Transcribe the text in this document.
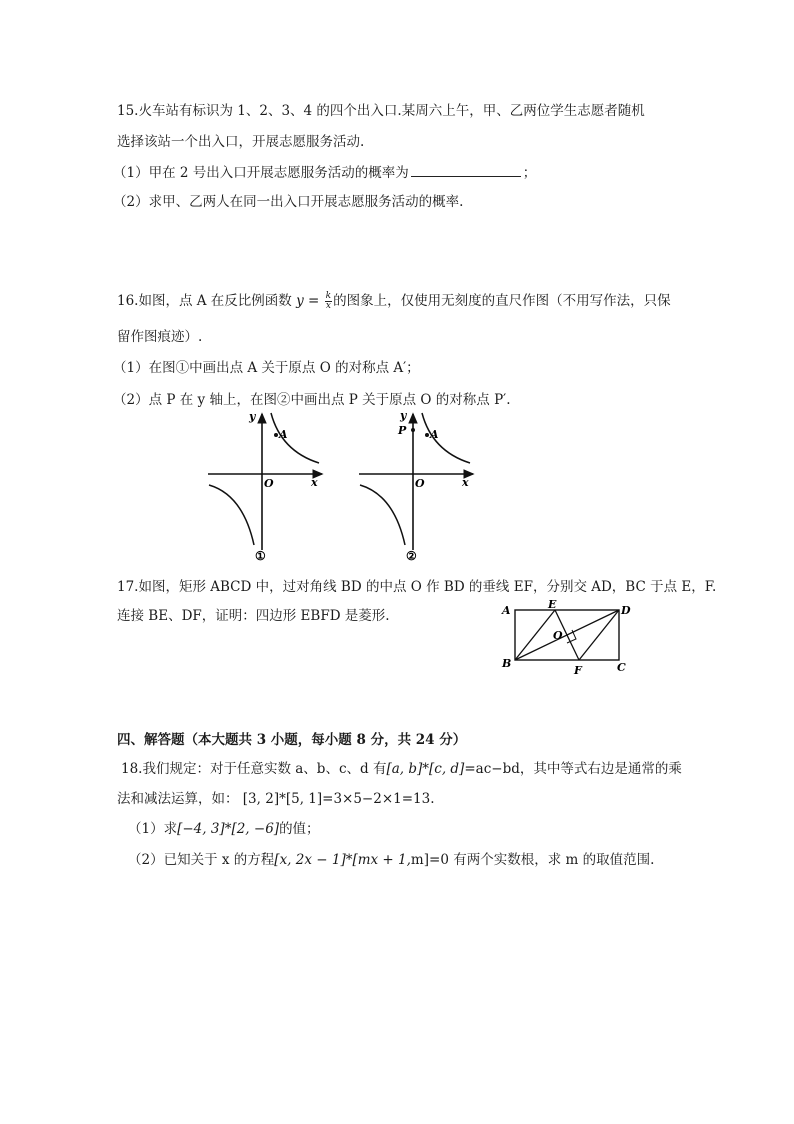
15.火车站有标识为 1、2、3、4 的四个出入口.某周六上午，甲、乙两位学生志愿者随机
选择该站一个出入口，开展志愿服务活动.
（1）甲在 2 号出入口开展志愿服务活动的概率为	；
（2）求甲、乙两人在同一出入口开展志愿服务活动的概率.
16.如图，点 A 在反比例函数 $y = \frac{k}{x}$ 的图象上，仅使用无刻度的直尺作图（不用写作法，只保
留作图痕迹）.
（1）在图①中画出点 A 关于原点 O 的对称点 A′；
（2）点 P 在 y 轴上，在图②中画出点 P 关于原点 O 的对称点 P′.
A
y
x
O
①
A
P
y
x
O
②
17.如图，矩形 ABCD 中，过对角线 BD 的中点 O 作 BD 的垂线 EF，分别交 AD，BC 于点 E，F.
连接 BE、DF，证明：四边形 EBFD 是菱形.	A	E	D
O
B
F	C
四、解答题（本大题共 3 小题，每小题 8 分，共 24 分）
18.我们规定：对于任意实数 a、b、c、d 有[a, b]*[c, d]=ac−bd，其中等式右边是通常的乘
法和减法运算，如： [3, 2]*[5, 1]=3×5−2×1=13.
（1）求[−4, 3]*[2, −6]的值；
（2）已知关于 x 的方程[x, 2x − 1]*[mx + 1,m]=0 有两个实数根，求 m 的取值范围.
